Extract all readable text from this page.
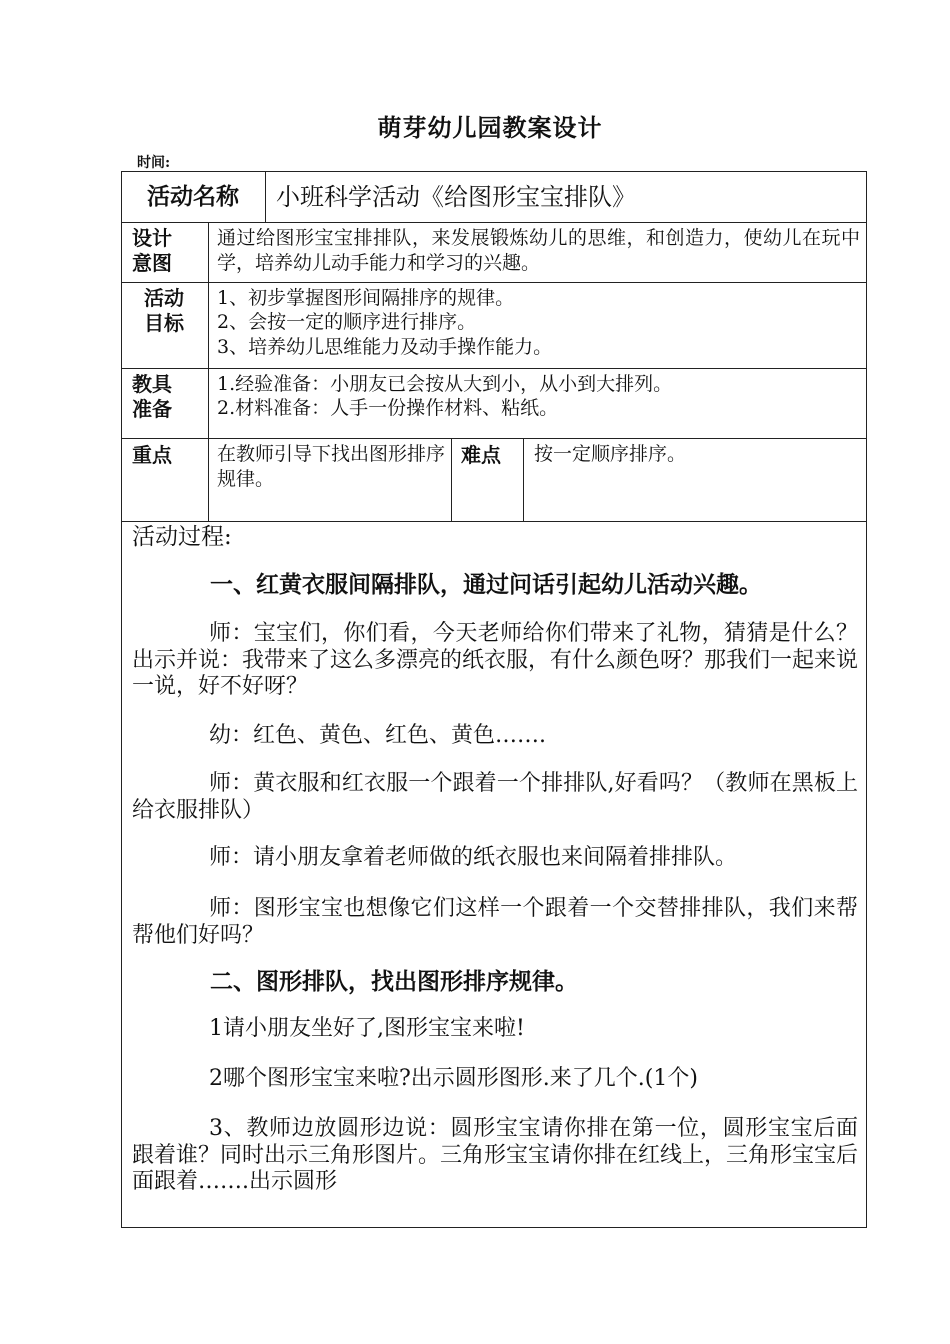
萌芽幼儿园教案设计
时间:
活动名称	小班科学活动《给图形宝宝排队》
设计
意图
通过给图形宝宝排排队，来发展锻炼幼儿的思维，和创造力，使幼儿在玩中学，培养幼儿动手能力和学习的兴趣。
活动
目标
1、初步掌握图形间隔排序的规律。
2、会按一定的顺序进行排序。
3、培养幼儿思维能力及动手操作能力。
教具
准备
1.经验准备：小朋友已会按从大到小，从小到大排列。
2.材料准备：人手一份操作材料、粘纸。
重点 在教师引导下找出图形排序规律。
难点 按一定顺序排序。
活动过程:
一、红黄衣服间隔排队，通过问话引起幼儿活动兴趣。
师：宝宝们，你们看，今天老师给你们带来了礼物，猜猜是什么？出示并说：我带来了这么多漂亮的纸衣服，有什么颜色呀？那我们一起来说一说，好不好呀？
幼：红色、黄色、红色、黄色…….
师：黄衣服和红衣服一个跟着一个排排队,好看吗？（教师在黑板上给衣服排队）
师：请小朋友拿着老师做的纸衣服也来间隔着排排队。
师：图形宝宝也想像它们这样一个跟着一个交替排排队，我们来帮帮他们好吗？
二、图形排队，找出图形排序规律。
1请小朋友坐好了,图形宝宝来啦!
2哪个图形宝宝来啦?出示圆形图形.来了几个.(1个)
3、教师边放圆形边说：圆形宝宝请你排在第一位，圆形宝宝后面跟着谁？同时出示三角形图片。三角形宝宝请你排在红线上，三角形宝宝后面跟着…….出示圆形
